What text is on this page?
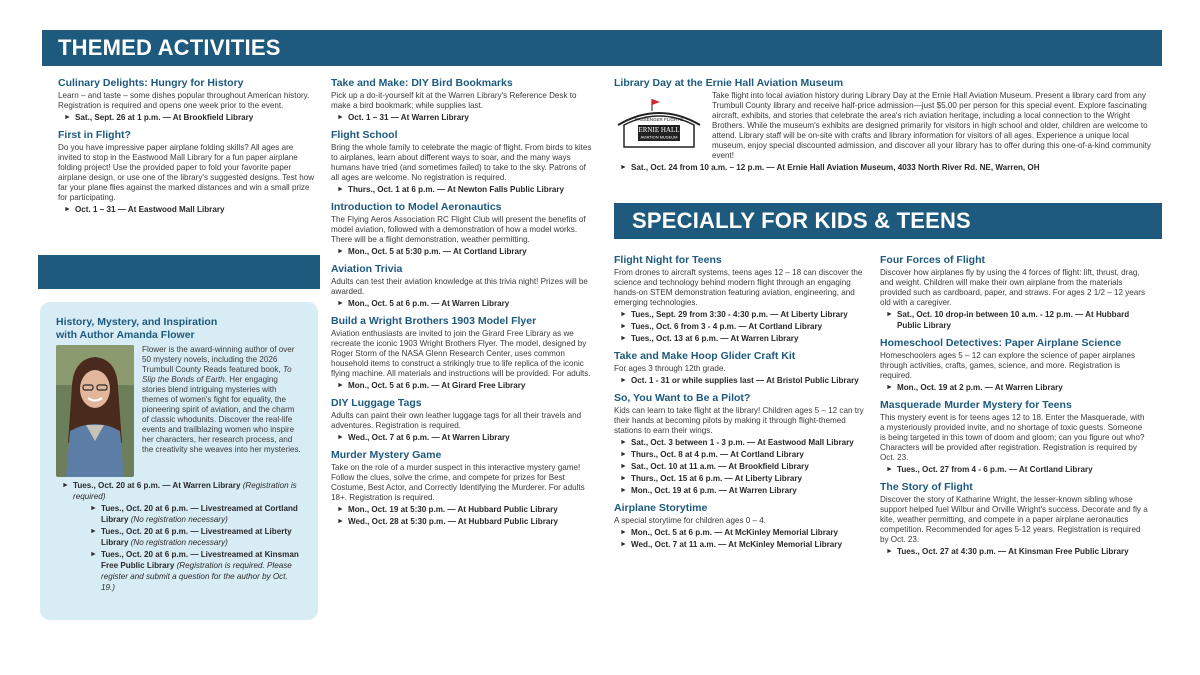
THEMED ACTIVITIES
SPECIALLY FOR KIDS & TEENS
Culinary Delights: Hungry for History
Learn – and taste – some dishes popular throughout American history. Registration is required and opens one week prior to the event.
► Sat., Sept. 26 at 1 p.m. — At Brookfield Library
First in Flight?
Do you have impressive paper airplane folding skills? All ages are invited to stop in the Eastwood Mall Library for a fun paper airplane folding project! Use the provided paper to fold your favorite paper airplane design, or use one of the library's suggested designs. Test how far your plane flies against the marked distances and win a small prize for participating.
► Oct. 1 – 31 — At Eastwood Mall Library
History, Mystery, and Inspiration
with Author Amanda Flower
Flower is the award-winning author of over 50 mystery novels, including the 2026 Trumbull County Reads featured book, To Slip the Bonds of Earth. Her engaging stories blend intriguing mysteries with themes of women's fight for equality, the pioneering spirit of aviation, and the charm of classic whodunits. Discover the real-life events and trailblazing women who inspire her characters, her research process, and the creativity she weaves into her mysteries.
► Tues., Oct. 20 at 6 p.m. — At Warren Library (Registration is required)
► Tues., Oct. 20 at 6 p.m. — Livestreamed at Cortland Library (No registration necessary)
► Tues., Oct. 20 at 6 p.m. — Livestreamed at Liberty Library (No registration necessary)
► Tues., Oct. 20 at 6 p.m. — Livestreamed at Kinsman Free Public Library (Registration is required. Please register and submit a question for the author by Oct. 19.)
Take and Make: DIY Bird Bookmarks
Pick up a do-it-yourself kit at the Warren Library's Reference Desk to make a bird bookmark; while supplies last.
► Oct. 1 – 31 — At Warren Library
Flight School
Bring the whole family to celebrate the magic of flight. From birds to kites to airplanes, learn about different ways to soar, and the many ways humans have tried (and sometimes failed) to take to the sky. Patrons of all ages are welcome. No registration is required.
► Thurs., Oct. 1 at 6 p.m. — At Newton Falls Public Library
Introduction to Model Aeronautics
The Flying Aeros Association RC Flight Club will present the benefits of model aviation, followed with a demonstration of how a model works. There will be a flight demonstration, weather permitting.
► Mon., Oct. 5 at 5:30 p.m. — At Cortland Library
Aviation Trivia
Adults can test their aviation knowledge at this trivia night! Prizes will be awarded.
► Mon., Oct. 5 at 6 p.m. — At Warren Library
Build a Wright Brothers 1903 Model Flyer
Aviation enthusiasts are invited to join the Girard Free Library as we recreate the iconic 1903 Wright Brothers Flyer. The model, designed by Roger Storm of the NASA Glenn Research Center, uses common household items to construct a strikingly true to life replica of the iconic flying machine. All materials and instructions will be provided. For adults.
► Mon., Oct. 5 at 6 p.m. — At Girard Free Library
DIY Luggage Tags
Adults can paint their own leather luggage tags for all their travels and adventures. Registration is required.
► Wed., Oct. 7 at 6 p.m. — At Warren Library
Murder Mystery Game
Take on the role of a murder suspect in this interactive mystery game! Follow the clues, solve the crime, and compete for prizes for Best Costume, Best Actor, and Correctly Identifying the Murderer. For adults 18+. Registration is required.
► Mon., Oct. 19 at 5:30 p.m. — At Hubbard Public Library
► Wed., Oct. 28 at 5:30 p.m. — At Hubbard Public Library
Library Day at the Ernie Hall Aviation Museum
PASSENGER FLIGHTS
ERNIE HALL
AVIATION MUSEUM
Take flight into local aviation history during Library Day at the Ernie Hall Aviation Museum. Present a library card from any Trumbull County library and receive half-price admission—just $5.00 per person for this special event. Explore fascinating aircraft, exhibits, and stories that celebrate the area's rich aviation heritage, including a local connection to the Wright Brothers. While the museum's exhibits are designed primarily for visitors in high school and older, children are welcome to attend. Library staff will be on-site with crafts and library information for visitors of all ages. Experience a unique local museum, enjoy special discounted admission, and discover all your library has to offer during this one-of-a-kind community event!
► Sat., Oct. 24 from 10 a.m. – 12 p.m. — At Ernie Hall Aviation Museum, 4033 North River Rd. NE, Warren, OH
Flight Night for Teens
From drones to aircraft systems, teens ages 12 – 18 can discover the science and technology behind modern flight through an engaging hands-on STEM demonstration featuring aviation, engineering, and emerging technologies.
► Tues., Sept. 29 from 3:30 - 4:30 p.m. — At Liberty Library
► Tues., Oct. 6 from 3 - 4 p.m. — At Cortland Library
► Tues., Oct. 13 at 6 p.m. — At Warren Library
Take and Make Hoop Glider Craft Kit
For ages 3 through 12th grade.
► Oct. 1 - 31 or while supplies last — At Bristol Public Library
So, You Want to Be a Pilot?
Kids can learn to take flight at the library! Children ages 5 – 12 can try their hands at becoming pilots by making it through flight-themed stations to earn their wings.
► Sat., Oct. 3 between 1 - 3 p.m. — At Eastwood Mall Library
► Thurs., Oct. 8 at 4 p.m. — At Cortland Library
► Sat., Oct. 10 at 11 a.m. — At Brookfield Library
► Thurs., Oct. 15 at 6 p.m. — At Liberty Library
► Mon., Oct. 19 at 6 p.m. — At Warren Library
Airplane Storytime
A special storytime for children ages 0 – 4.
► Mon., Oct. 5 at 6 p.m. — At McKinley Memorial Library
► Wed., Oct. 7 at 11 a.m. — At McKinley Memorial Library
Four Forces of Flight
Discover how airplanes fly by using the 4 forces of flight: lift, thrust, drag, and weight. Children will make their own airplane from the materials provided such as cardboard, paper, and straws. For ages 2 1/2 – 12 years old with a caregiver.
► Sat., Oct. 10 drop-in between 10 a.m. - 12 p.m. — At Hubbard Public Library
Homeschool Detectives: Paper Airplane Science
Homeschoolers ages 5 – 12 can explore the science of paper airplanes through activities, crafts, games, science, and more. Registration is required.
► Mon., Oct. 19 at 2 p.m. — At Warren Library
Masquerade Murder Mystery for Teens
This mystery event is for teens ages 12 to 18. Enter the Masquerade, with a mysteriously provided invite, and no shortage of toxic guests. Someone is being targeted in this town of doom and gloom; can you figure out who? Characters will be provided after registration. Registration is required by Oct. 23.
► Tues., Oct. 27 from 4 - 6 p.m. — At Cortland Library
The Story of Flight
Discover the story of Katharine Wright, the lesser-known sibling whose support helped fuel Wilbur and Orville Wright's success. Decorate and fly a kite, weather permitting, and compete in a paper airplane aeronautics competition. Recommended for ages 5-12 years. Registration is required by Oct. 23.
► Tues., Oct. 27 at 4:30 p.m. — At Kinsman Free Public Library
